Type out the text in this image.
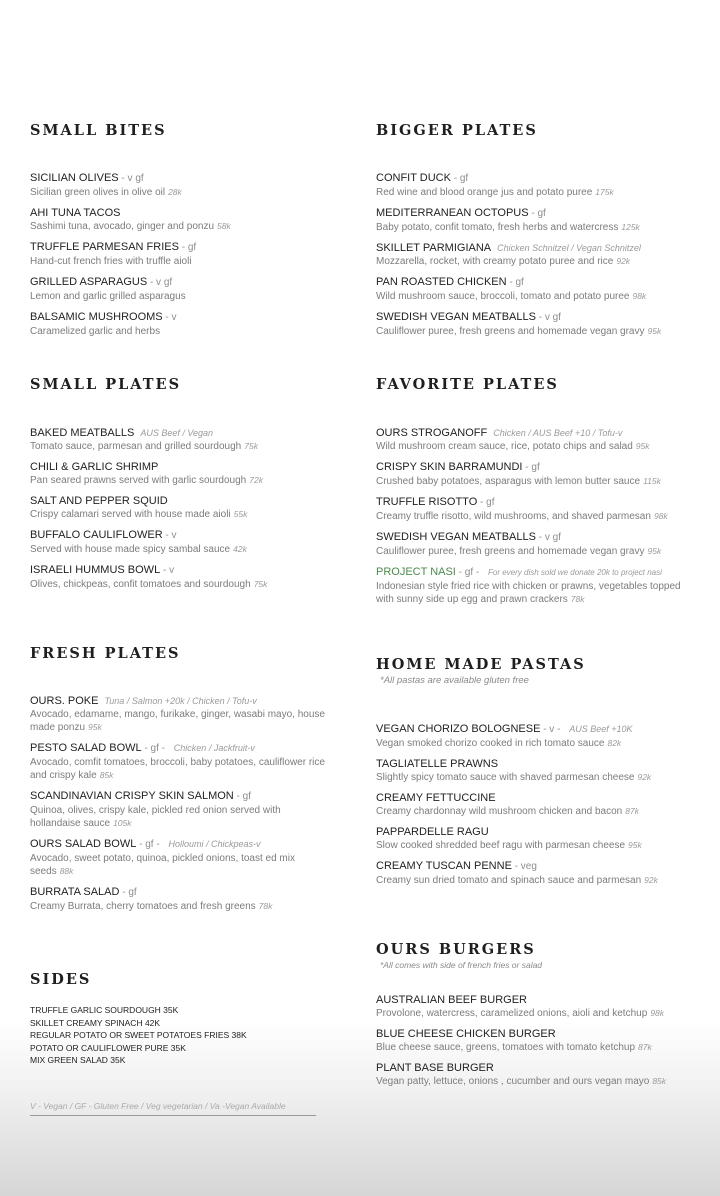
SMALL BITES
SICILIAN OLIVES - v gf
Sicilian green olives in olive oil 28k
AHI TUNA TACOS
Sashimi tuna, avocado, ginger and ponzu 58k
TRUFFLE PARMESAN FRIES - gf
Hand-cut french fries with truffle aioli
GRILLED ASPARAGUS - v gf
Lemon and garlic grilled asparagus
BALSAMIC MUSHROOMS - v
Caramelized garlic and herbs
SMALL PLATES
BAKED MEATBALLS AUS Beef / Vegan
Tomato sauce, parmesan and grilled sourdough 75k
CHILI & GARLIC SHRIMP
Pan seared prawns served with garlic sourdough 72k
SALT AND PEPPER SQUID
Crispy calamari served with house made aioli 55k
BUFFALO CAULIFLOWER - v
Served with house made spicy sambal sauce 42k
ISRAELI HUMMUS BOWL - v
Olives, chickpeas, confit tomatoes and sourdough 75k
FRESH PLATES
OURS. POKE Tuna / Salmon +20k / Chicken / Tofu-v
Avocado, edamame, mango, furikake, ginger, wasabi mayo, house made ponzu 95k
PESTO SALAD BOWL - gf - Chicken / Jackfruit-v
Avocado, comfit tomatoes, broccoli, baby potatoes, cauliflower rice and crispy kale 85k
SCANDINAVIAN CRISPY SKIN SALMON - gf
Quinoa, olives, crispy kale, pickled red onion served with hollandaise sauce 105k
OURS SALAD BOWL - gf - Holloumi / Chickpeas-v
Avocado, sweet potato, quinoa, pickled onions, toast ed mix seeds 88k
BURRATA SALAD - gf
Creamy Burrata, cherry tomatoes and fresh greens 78k
SIDES
TRUFFLE GARLIC SOURDOUGH 35K
SKILLET CREAMY SPINACH 42K
REGULAR POTATO OR SWEET POTATOES FRIES 38K
POTATO OR CAULIFLOWER PURE 35K
MIX GREEN SALAD 35K
V - Vegan / GF - Gluten Free / Veg vegetarian / Va -Vegan Available
BIGGER PLATES
CONFIT DUCK - gf
Red wine and blood orange jus and potato puree 175k
MEDITERRANEAN OCTOPUS - gf
Baby potato, confit tomato, fresh herbs and watercress 125k
SKILLET PARMIGIANA Chicken Schnitzel / Vegan Schnitzel
Mozzarella, rocket, with creamy potato puree and rice 92k
PAN ROASTED CHICKEN - gf
Wild mushroom sauce, broccoli, tomato and potato puree 98k
SWEDISH VEGAN MEATBALLS - v gf
Cauliflower puree, fresh greens and homemade vegan gravy 95k
FAVORITE PLATES
OURS STROGANOFF Chicken / AUS Beef +10 / Tofu-v
Wild mushroom cream sauce, rice, potato chips and salad 95k
CRISPY SKIN BARRAMUNDI - gf
Crushed baby potatoes, asparagus with lemon butter sauce 115k
TRUFFLE RISOTTO - gf
Creamy truffle risotto, wild mushrooms, and shaved parmesan 98k
SWEDISH VEGAN MEATBALLS - v gf
Cauliflower puree, fresh greens and homemade vegan gravy 95k
PROJECT NASI - gf - For every dish sold we donate 20k to project nasi
Indonesian style fried rice with chicken or prawns, vegetables topped with sunny side up egg and prawn crackers 78k
HOME MADE PASTAS
*All pastas are available gluten free
VEGAN CHORIZO BOLOGNESE - v - AUS Beef +10K
Vegan smoked chorizo cooked in rich tomato sauce 82k
TAGLIATELLE PRAWNS
Slightly spicy tomato sauce with shaved parmesan cheese 92k
CREAMY FETTUCCINE
Creamy chardonnay wild mushroom chicken and bacon 87k
PAPPARDELLE RAGU
Slow cooked shredded beef ragu with parmesan cheese 95k
CREAMY TUSCAN PENNE - veg
Creamy sun dried tomato and spinach sauce and parmesan 92k
OURS BURGERS
*All comes with side of french fries or salad
AUSTRALIAN BEEF BURGER
Provolone, watercress, caramelized onions, aioli and ketchup 98k
BLUE CHEESE CHICKEN BURGER
Blue cheese sauce, greens, tomatoes with tomato ketchup 87k
PLANT BASE BURGER
Vegan patty, lettuce, onions , cucumber and ours vegan mayo 85k
